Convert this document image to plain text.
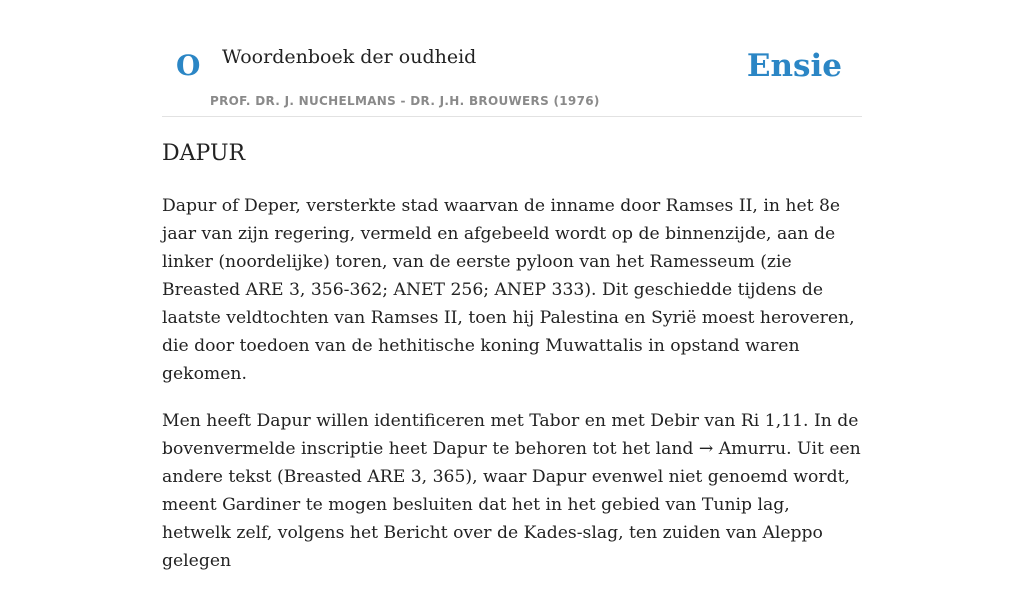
O Woordenboek der oudheid
PROF. DR. J. NUCHELMANS - DR. J.H. BROUWERS (1976)
Ensie
DAPUR

Dapur of Deper, versterkte stad waarvan de inname door Ramses II, in het 8e jaar van zijn regering, vermeld en afgebeeld wordt op de binnenzijde, aan de linker (noordelijke) toren, van de eerste pyloon van het Ramesseum (zie Breasted ARE 3, 356-362; ANET 256; ANEP 333). Dit geschiedde tijdens de laatste veldtochten van Ramses II, toen hij Palestina en Syrië moest heroveren, die door toedoen van de hethitische koning Muwattalis in opstand waren gekomen.

Men heeft Dapur willen identificeren met Tabor en met Debir van Ri 1,11. In de bovenvermelde inscriptie heet Dapur te behoren tot het land → Amurru. Uit een andere tekst (Breasted ARE 3, 365), waar Dapur evenwel niet genoemd wordt, meent Gardiner te mogen besluiten dat het in het gebied van Tunip lag, hetwelk zelf, volgens het Bericht over de Kades-slag, ten zuiden van Aleppo gelegen
